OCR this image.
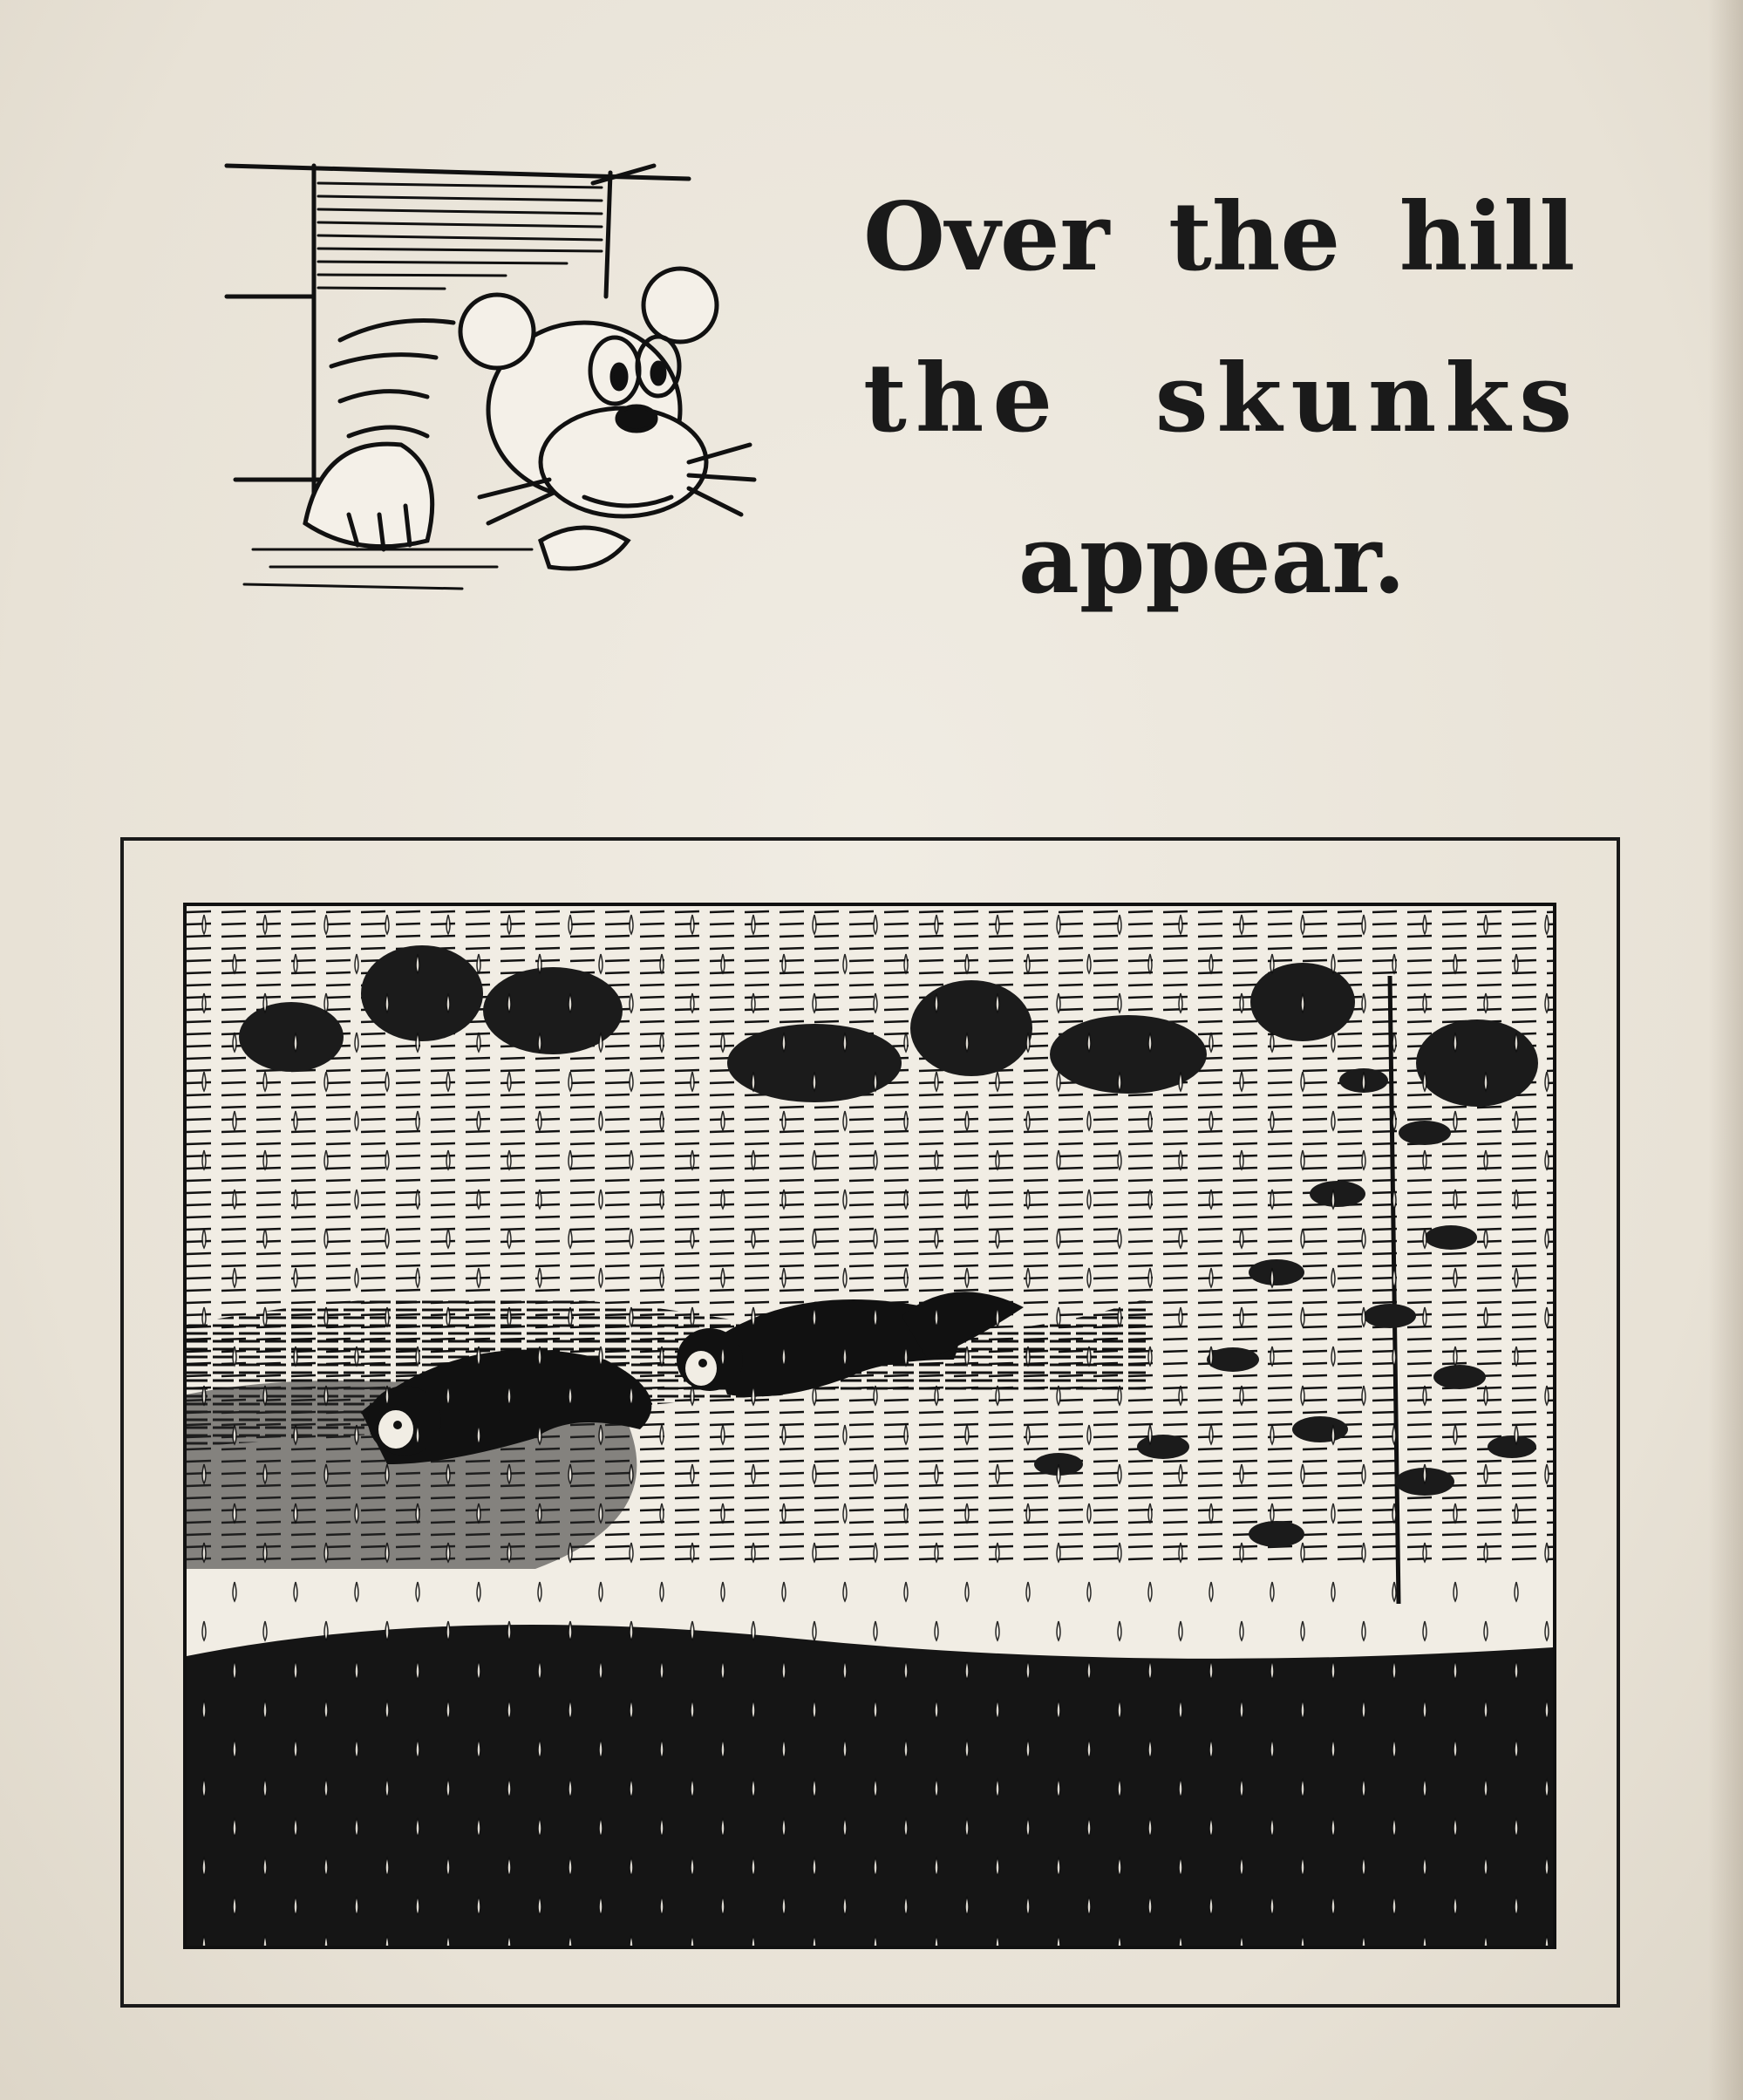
Over the hill
the skunks
appear.
